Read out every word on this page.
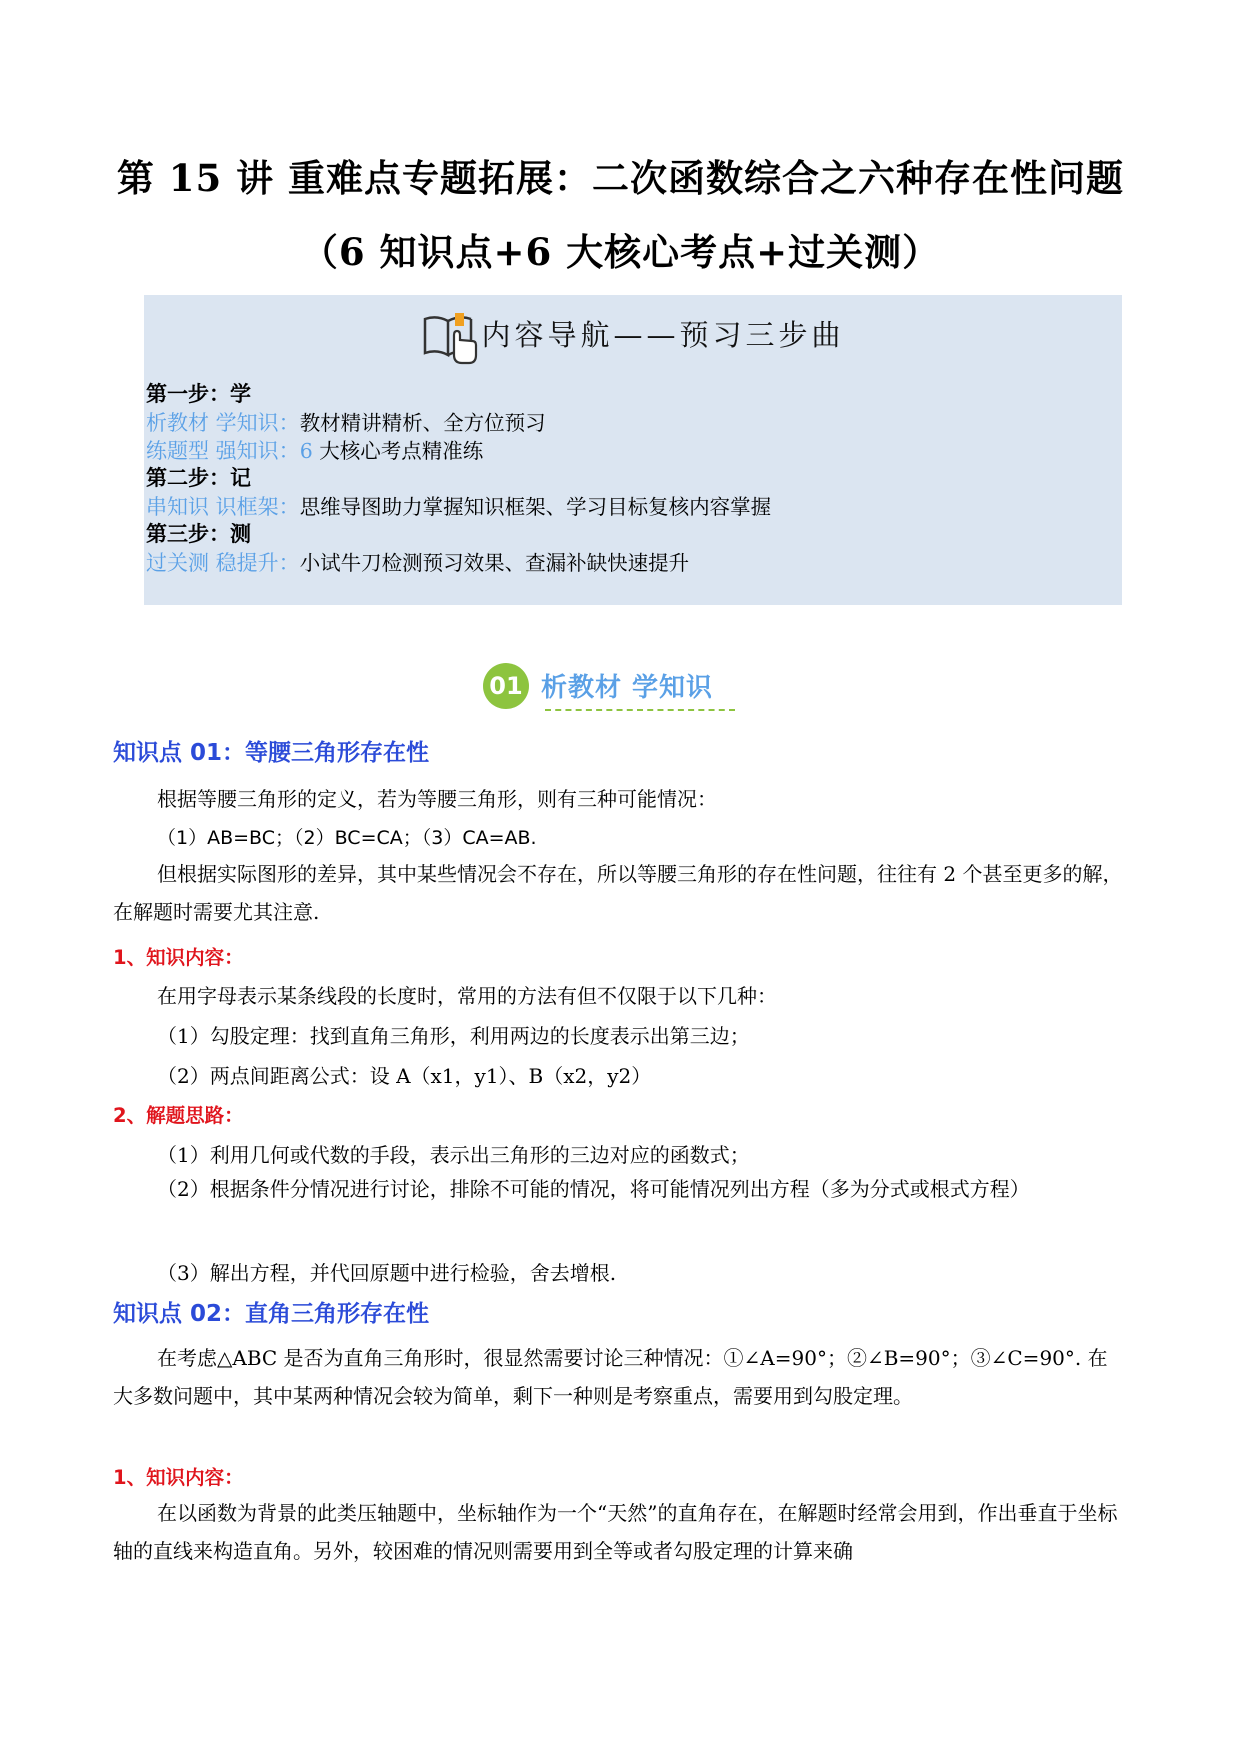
第 15 讲 重难点专题拓展：二次函数综合之六种存在性问题
（6 知识点+6 大核心考点+过关测）
内容导航——预习三步曲
第一步：学
析教材 学知识：教材精讲精析、全方位预习
练题型 强知识：6 大核心考点精准练
第二步：记
串知识 识框架：思维导图助力掌握知识框架、学习目标复核内容掌握
第三步：测
过关测 稳提升：小试牛刀检测预习效果、查漏补缺快速提升
01 析教材 学知识
知识点 01：等腰三角形存在性
根据等腰三角形的定义，若为等腰三角形，则有三种可能情况：
（1）AB=BC；（2）BC=CA；（3）CA=AB.
但根据实际图形的差异，其中某些情况会不存在，所以等腰三角形的存在性问题，往往有 2 个甚至更多的解，在解题时需要尤其注意.
1、知识内容：
在用字母表示某条线段的长度时，常用的方法有但不仅限于以下几种：
（1）勾股定理：找到直角三角形，利用两边的长度表示出第三边；
（2）两点间距离公式：设 A（x1，y1）、B（x2，y2）
2、解题思路：
（1）利用几何或代数的手段，表示出三角形的三边对应的函数式；
（2）根据条件分情况进行讨论，排除不可能的情况，将可能情况列出方程（多为分式或根式方程）
（3）解出方程，并代回原题中进行检验，舍去增根.
知识点 02：直角三角形存在性
在考虑△ABC 是否为直角三角形时，很显然需要讨论三种情况：①∠A=90°；②∠B=90°；③∠C=90°. 在大多数问题中，其中某两种情况会较为简单，剩下一种则是考察重点，需要用到勾股定理。
1、知识内容：
在以函数为背景的此类压轴题中，坐标轴作为一个“天然”的直角存在，在解题时经常会用到，作出垂直于坐标轴的直线来构造直角。另外，较困难的情况则需要用到全等或者勾股定理的计算来确
